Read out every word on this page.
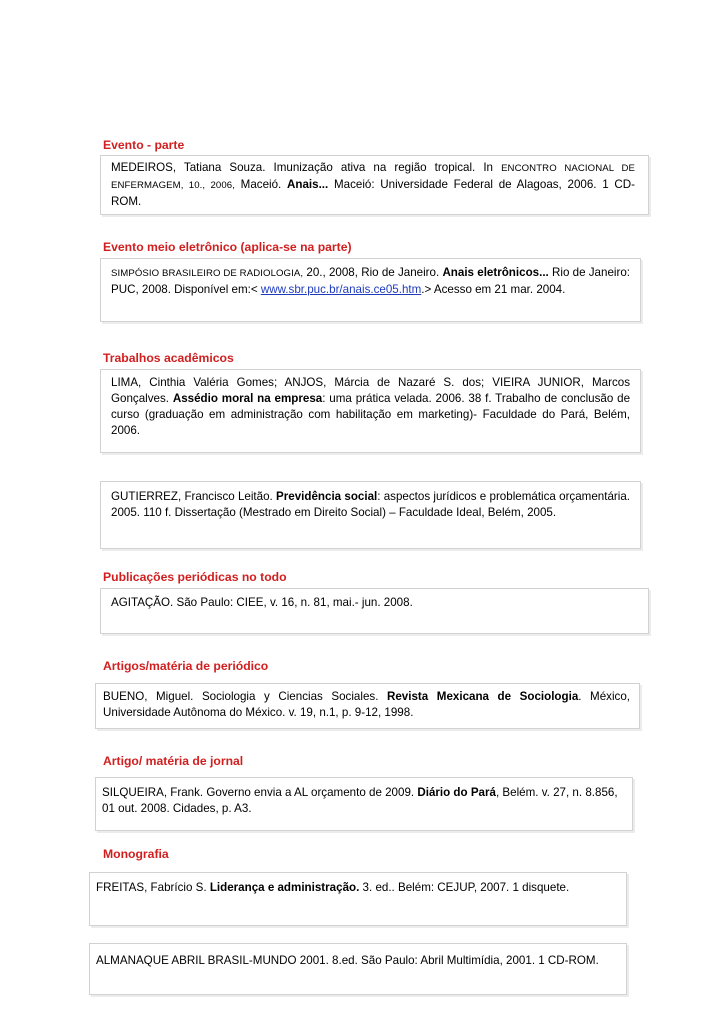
Evento - parte
MEDEIROS, Tatiana Souza. Imunização ativa na região tropical. In ENCONTRO NACIONAL DE ENFERMAGEM, 10., 2006, Maceió. Anais... Maceió: Universidade Federal de Alagoas, 2006. 1 CD-ROM.
Evento meio eletrônico (aplica-se na parte)
SIMPÓSIO BRASILEIRO DE RADIOLOGIA, 20., 2008, Rio de Janeiro. Anais eletrônicos... Rio de Janeiro: PUC, 2008. Disponível em:< www.sbr.puc.br/anais.ce05.htm.> Acesso em 21 mar. 2004.
Trabalhos acadêmicos
LIMA, Cinthia Valéria Gomes; ANJOS, Márcia de Nazaré S. dos; VIEIRA JUNIOR, Marcos Gonçalves. Assédio moral na empresa: uma prática velada. 2006. 38 f. Trabalho de conclusão de curso (graduação em administração com habilitação em marketing)- Faculdade do Pará, Belém, 2006.
GUTIERREZ, Francisco Leitão. Previdência social: aspectos jurídicos e problemática orçamentária. 2005. 110 f. Dissertação (Mestrado em Direito Social) – Faculdade Ideal, Belém, 2005.
Publicações periódicas no todo
AGITAÇÃO. São Paulo: CIEE, v. 16, n. 81, mai.- jun. 2008.
Artigos/matéria de periódico
BUENO, Miguel. Sociologia y Ciencias Sociales. Revista Mexicana de Sociologia. México, Universidade Autônoma do México. v. 19, n.1, p. 9-12, 1998.
Artigo/ matéria de jornal
SILQUEIRA, Frank. Governo envia a AL orçamento de 2009. Diário do Pará, Belém. v. 27, n. 8.856, 01 out. 2008. Cidades, p. A3.
Monografia
FREITAS, Fabrício S. Liderança e administração. 3. ed.. Belém: CEJUP, 2007. 1 disquete.
ALMANAQUE ABRIL BRASIL-MUNDO 2001. 8.ed. São Paulo: Abril Multimídia, 2001. 1 CD-ROM.
